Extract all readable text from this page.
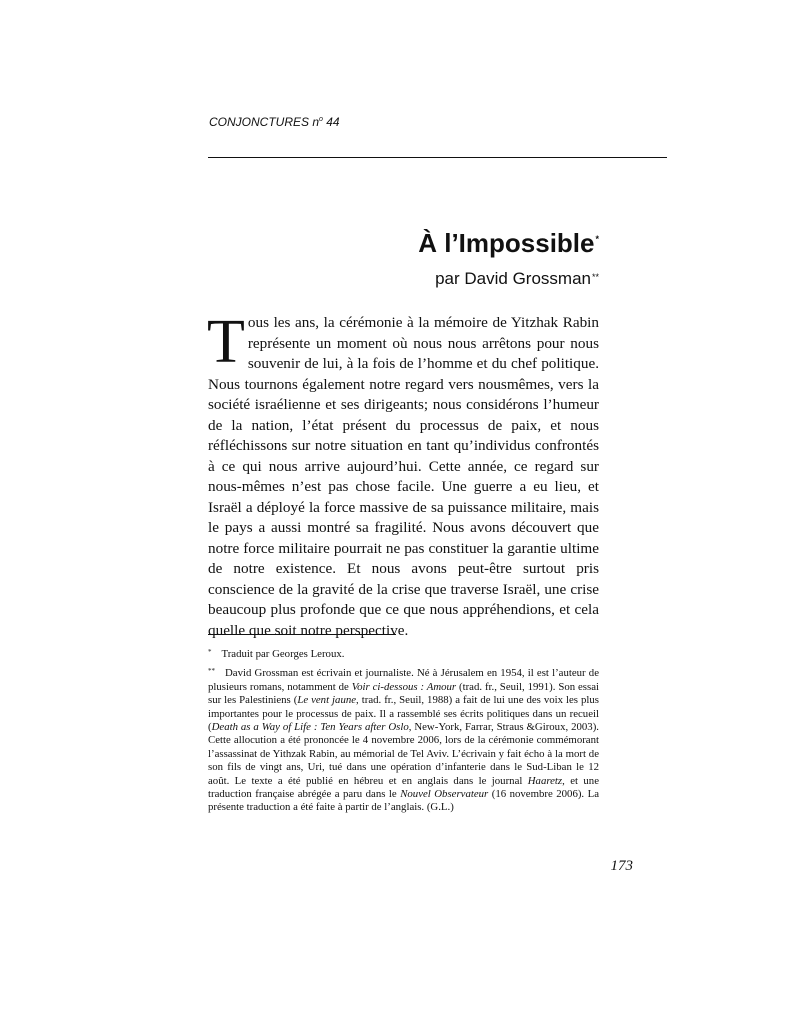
CONJONCTURES $n^o$ 44
À l’Impossible*
par David Grossman**

Tous les ans, la cérémonie à la mémoire de Yitzhak Rabin représente un moment où nous nous arrêtons pour nous souvenir de lui, à la fois de l’homme et du chef politique. Nous tournons également notre regard vers nousmêmes, vers la société israélienne et ses dirigeants; nous considérons l’humeur de la nation, l’état présent du processus de paix, et nous réfléchissons sur notre situation en tant qu’individus confrontés à ce qui nous arrive aujourd’hui. Cette année, ce regard sur nous-mêmes n’est pas chose facile. Une guerre a eu lieu, et Israël a déployé la force massive de sa puissance militaire, mais le pays a aussi montré sa fragilité. Nous avons découvert que notre force militaire pourrait ne pas constituer la garantie ultime de notre existence. Et nous avons peut-être surtout pris conscience de la gravité de la crise que traverse Israël, une crise beaucoup plus profonde que ce que nous appréhendions, et cela quelle que soit notre perspective.

* Traduit par Georges Leroux.

** David Grossman est écrivain et journaliste. Né à Jérusalem en 1954, il est l’auteur de plusieurs romans, notamment de Voir ci-dessous : Amour (trad. fr., Seuil, 1991). Son essai sur les Palestiniens (Le vent jaune, trad. fr., Seuil, 1988) a fait de lui une des voix les plus importantes pour le processus de paix. Il a rassemblé ses écrits politiques dans un recueil (Death as a Way of Life : Ten Years after Oslo, New-York, Farrar, Straus &Giroux, 2003). Cette allocution a été prononcée le 4 novembre 2006, lors de la cérémonie commémorant l’assassinat de Yithzak Rabin, au mémorial de Tel Aviv. L’écrivain y fait écho à la mort de son fils de vingt ans, Uri, tué dans une opération d’infanterie dans le Sud-Liban le 12 août. Le texte a été publié en hébreu et en anglais dans le journal Haaretz, et une traduction française abrégée a paru dans le Nouvel Observateur (16 novembre 2006). La présente traduction a été faite à partir de l’anglais. (G.L.)

173
